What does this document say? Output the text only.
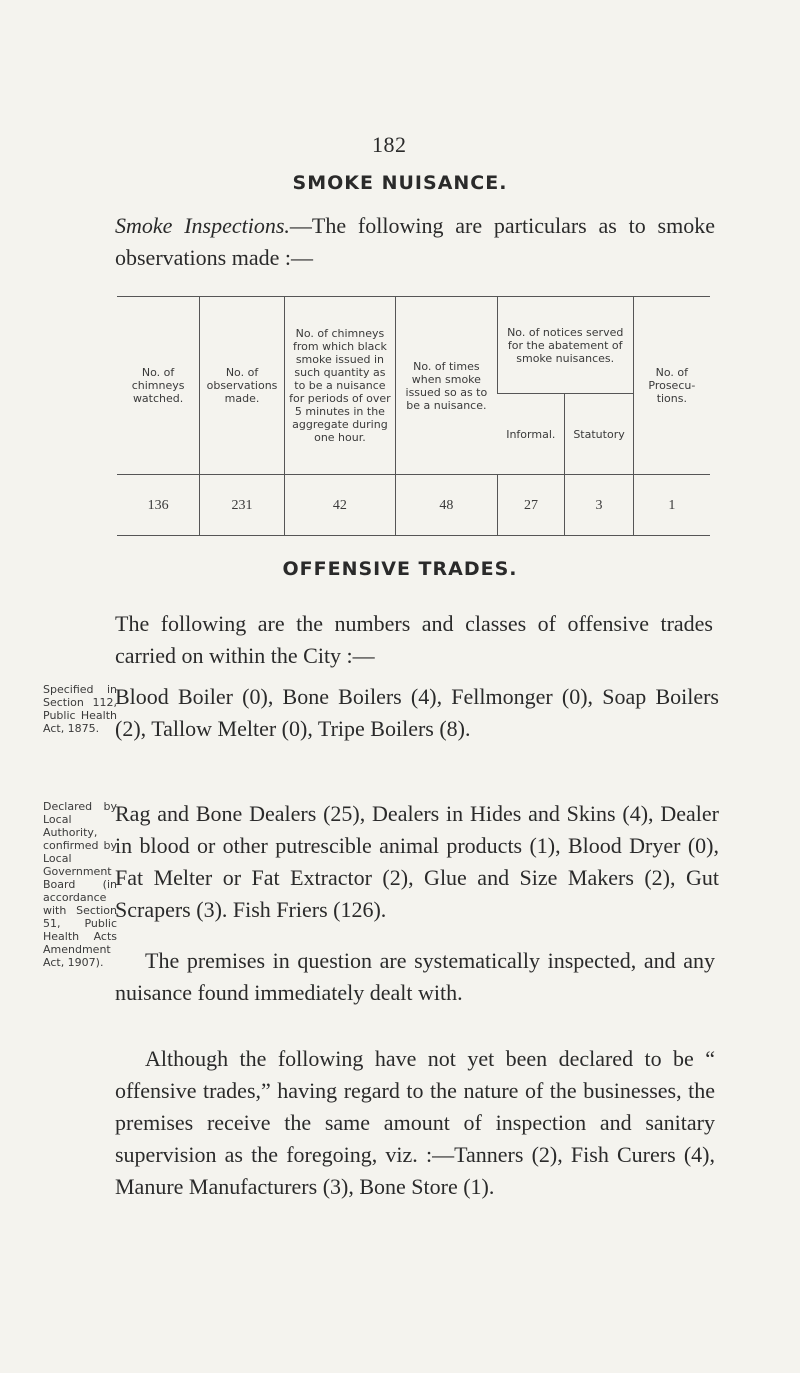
182
SMOKE NUISANCE.
Smoke Inspections.—The following are particulars as to smoke observations made :—
No. of chimneys watched.	No. of observations made.	No. of chimneys from which black smoke issued in such quantity as to be a nuisance for periods of over 5 minutes in the aggregate during one hour.	No. of times when smoke issued so as to be a nuisance.	No. of notices served for the abatement of smoke nuisances.		No. of Prosecu-tions.
				Informal.	Statutory	
136	231	42	48	27	3	1
OFFENSIVE TRADES.
The following are the numbers and classes of offensive trades carried on within the City :—
Specified in Section 112, Public Health Act, 1875.
Blood Boiler (0), Bone Boilers (4), Fellmonger (0), Soap Boilers (2), Tallow Melter (0), Tripe Boilers (8).
Declared by Local Authority, confirmed by Local Government Board (in accordance with Section 51, Public Health Acts Amendment Act, 1907).
Rag and Bone Dealers (25), Dealers in Hides and Skins (4), Dealer in blood or other putrescible animal products (1), Blood Dryer (0), Fat Melter or Fat Extractor (2), Glue and Size Makers (2), Gut Scrapers (3). Fish Friers (126).
The premises in question are systematically inspected, and any nuisance found immediately dealt with.
Although the following have not yet been declared to be “ offensive trades,” having regard to the nature of the businesses, the premises receive the same amount of inspection and sanitary supervision as the foregoing, viz. :—Tanners (2), Fish Curers (4), Manure Manufacturers (3), Bone Store (1).
